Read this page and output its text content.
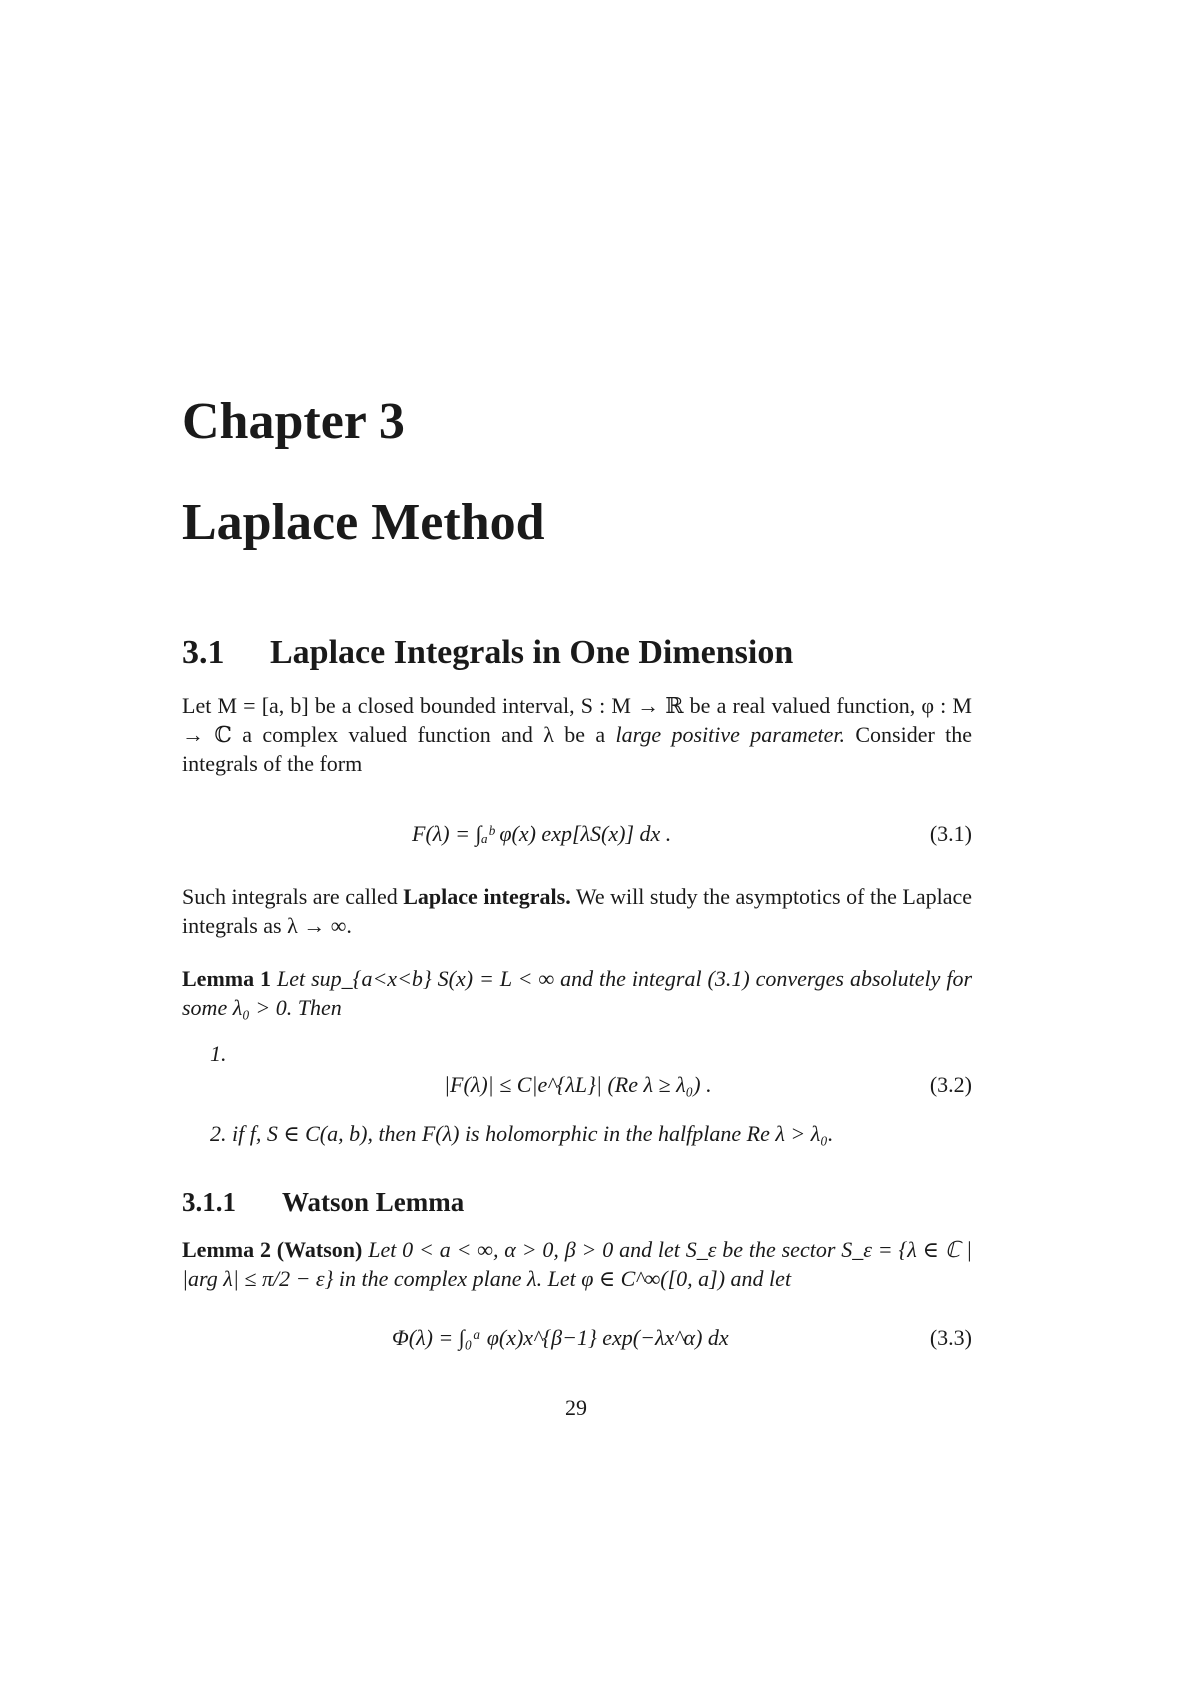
Chapter 3
Laplace Method
3.1 Laplace Integrals in One Dimension
Let M = [a, b] be a closed bounded interval, S : M → ℝ be a real valued function, φ : M → ℂ a complex valued function and λ be a large positive parameter. Consider the integrals of the form
F(λ) = ∫ₐᵇ φ(x) exp[λS(x)] dx .	(3.1)
Such integrals are called Laplace integrals. We will study the asymptotics of the Laplace integrals as λ → ∞.
Lemma 1 Let sup_{a<x<b} S(x) = L < ∞ and the integral (3.1) converges absolutely for some λ₀ > 0. Then
1.
|F(λ)| ≤ C|e^{λL}| (Re λ ≥ λ₀) .	(3.2)
2. if f, S ∈ C(a, b), then F(λ) is holomorphic in the halfplane Re λ > λ₀.
3.1.1 Watson Lemma
Lemma 2 (Watson) Let 0 < a < ∞, α > 0, β > 0 and let S_ε be the sector S_ε = {λ ∈ ℂ | |arg λ| ≤ π/2 − ε} in the complex plane λ. Let φ ∈ C^∞([0, a]) and let
Φ(λ) = ∫₀ᵃ φ(x)x^{β−1} exp(−λx^α) dx	(3.3)
29
